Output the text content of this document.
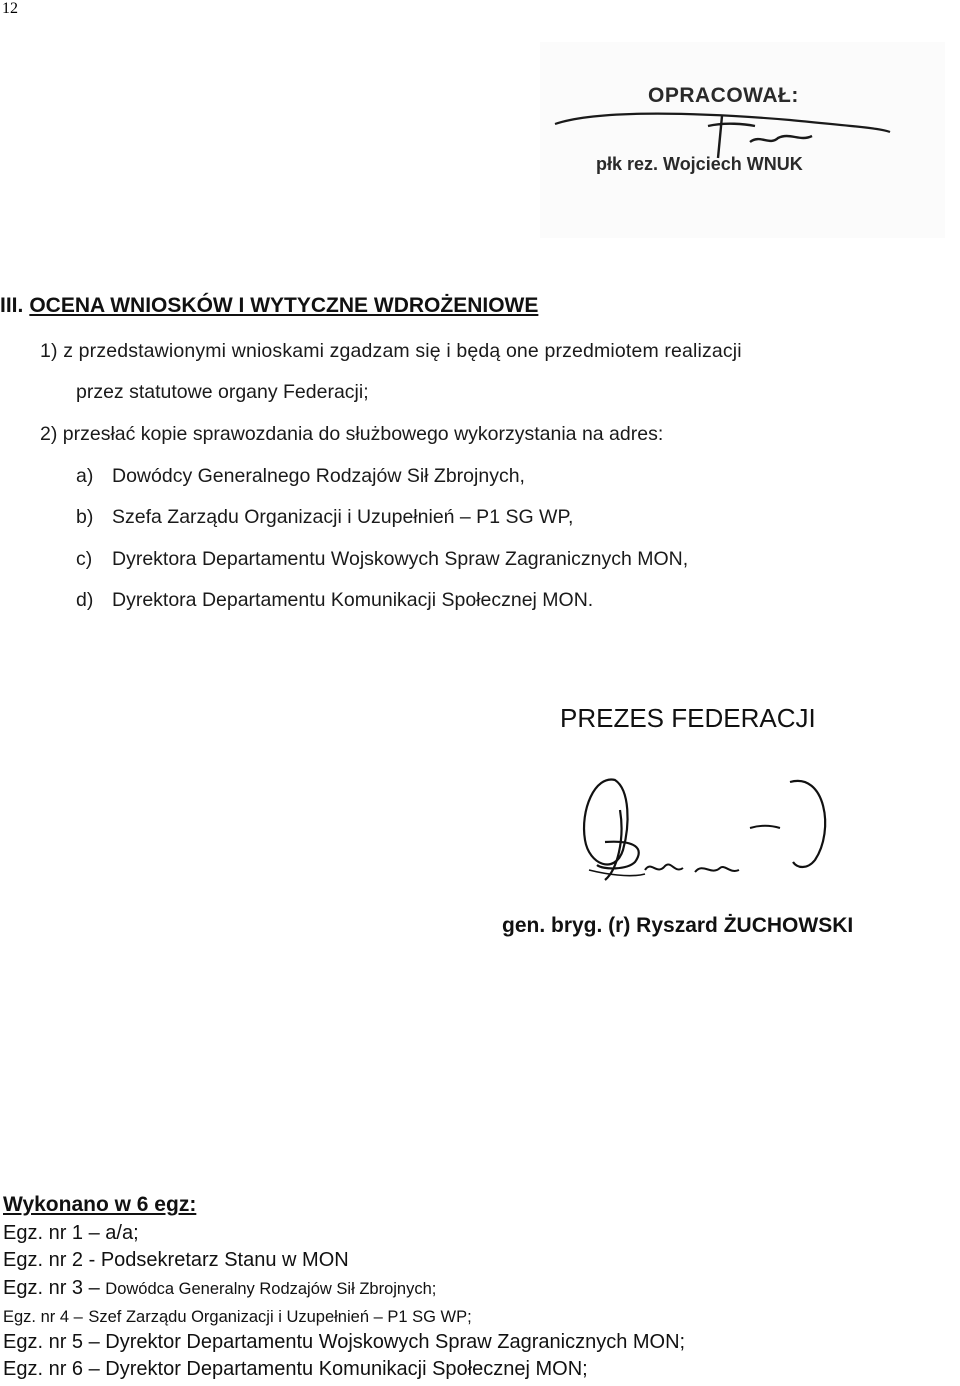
12
OPRACOWAŁ:
płk rez. Wojciech WNUK
III. OCENA WNIOSKÓW I WYTYCZNE WDROŻENIOWE
1) z przedstawionymi wnioskami zgadzam się i będą one przedmiotem realizacji
przez statutowe organy Federacji;
2) przesłać kopie sprawozdania do służbowego wykorzystania na adres:
a) Dowódcy Generalnego Rodzajów Sił Zbrojnych,
b) Szefa Zarządu Organizacji i Uzupełnień – P1 SG WP,
c) Dyrektora Departamentu Wojskowych Spraw Zagranicznych MON,
d) Dyrektora Departamentu Komunikacji Społecznej MON.
PREZES FEDERACJI
gen. bryg. (r) Ryszard ŻUCHOWSKI
Wykonano w 6 egz:
Egz. nr 1 – a/a;
Egz. nr 2 - Podsekretarz Stanu w MON
Egz. nr 3 – Dowódca Generalny Rodzajów Sił Zbrojnych;
Egz. nr 4 – Szef Zarządu Organizacji i Uzupełnień – P1 SG WP;
Egz. nr 5 – Dyrektor Departamentu Wojskowych Spraw Zagranicznych MON;
Egz. nr 6 – Dyrektor Departamentu Komunikacji Społecznej MON;
